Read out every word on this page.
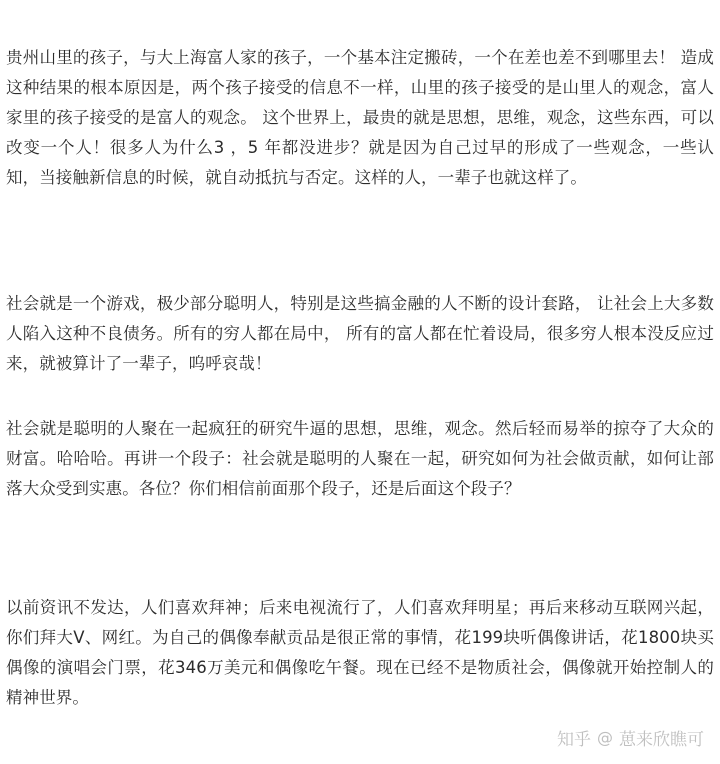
贵州山里的孩子，与大上海富人家的孩子，一个基本注定搬砖，一个在差也差不到哪里去！ 造成这种结果的根本原因是，两个孩子接受的信息不一样，山里的孩子接受的是山里人的观念，富人家里的孩子接受的是富人的观念。 这个世界上，最贵的就是思想，思维，观念，这些东西，可以改变一个人！很多人为什么3 ，5 年都没进步？就是因为自己过早的形成了一些观念，一些认知，当接触新信息的时候，就自动抵抗与否定。这样的人，一辈子也就这样了。

社会就是一个游戏，极少部分聪明人，特别是这些搞金融的人不断的设计套路， 让社会上大多数人陷入这种不良债务。所有的穷人都在局中， 所有的富人都在忙着设局，很多穷人根本没反应过来，就被算计了一辈子，呜呼哀哉！

社会就是聪明的人聚在一起疯狂的研究牛逼的思想，思维，观念。然后轻而易举的掠夺了大众的财富。哈哈哈。再讲一个段子：社会就是聪明的人聚在一起，研究如何为社会做贡献，如何让部落大众受到实惠。各位？你们相信前面那个段子，还是后面这个段子？

以前资讯不发达，人们喜欢拜神；后来电视流行了，人们喜欢拜明星；再后来移动互联网兴起，你们拜大V、网红。为自己的偶像奉献贡品是很正常的事情，花199块听偶像讲话，花1800块买偶像的演唱会门票，花346万美元和偶像吃午餐。现在已经不是物质社会，偶像就开始控制人的精神世界。

知乎 @ 葸来欣瞧可
